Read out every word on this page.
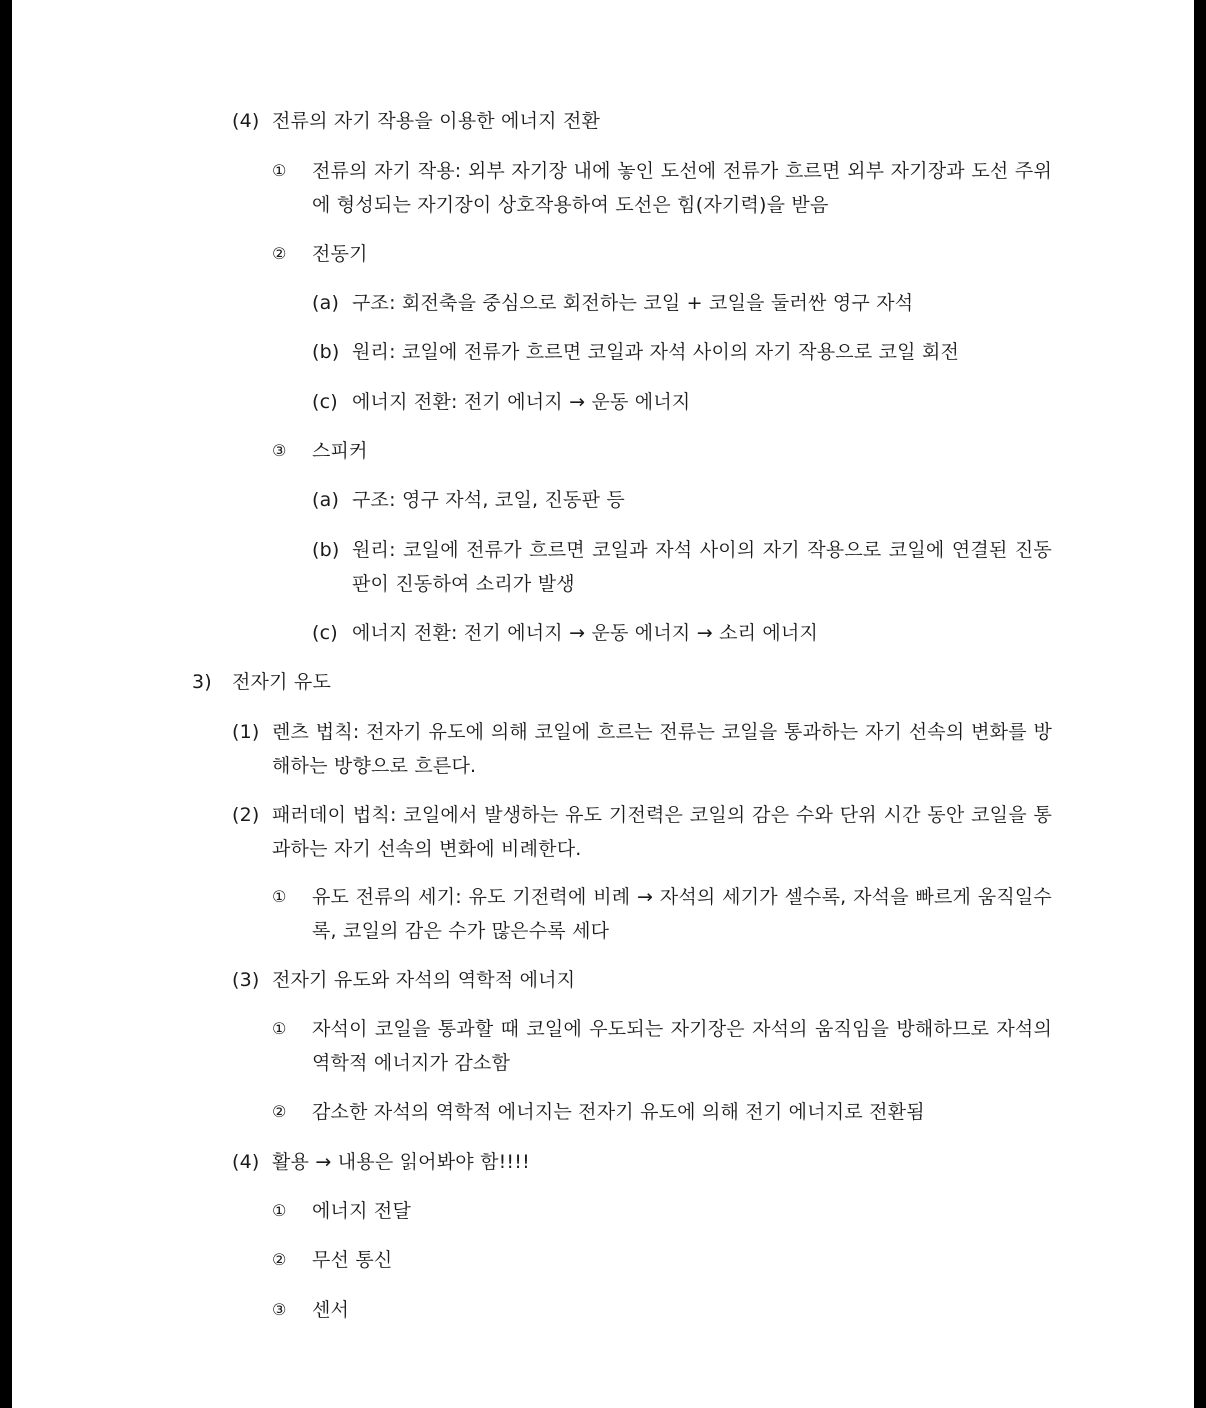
(4) 전류의 자기 작용을 이용한 에너지 전환
①	전류의 자기 작용: 외부 자기장 내에 놓인 도선에 전류가 흐르면 외부 자기장과 도선 주위에 형성되는 자기장이 상호작용하여 도선은 힘(자기력)을 받음
②	전동기
(a) 구조: 회전축을 중심으로 회전하는 코일 + 코일을 둘러싼 영구 자석
(b) 원리: 코일에 전류가 흐르면 코일과 자석 사이의 자기 작용으로 코일 회전
(c) 에너지 전환: 전기 에너지 → 운동 에너지
③	스피커
(a) 구조: 영구 자석, 코일, 진동판 등
(b) 원리: 코일에 전류가 흐르면 코일과 자석 사이의 자기 작용으로 코일에 연결된 진동판이 진동하여 소리가 발생
(c) 에너지 전환: 전기 에너지 → 운동 에너지 → 소리 에너지
3)	전자기 유도
(1) 렌츠 법칙: 전자기 유도에 의해 코일에 흐르는 전류는 코일을 통과하는 자기 선속의 변화를 방해하는 방향으로 흐른다.
(2) 패러데이 법칙: 코일에서 발생하는 유도 기전력은 코일의 감은 수와 단위 시간 동안 코일을 통과하는 자기 선속의 변화에 비례한다.
①	유도 전류의 세기: 유도 기전력에 비례 → 자석의 세기가 셀수록, 자석을 빠르게 움직일수록, 코일의 감은 수가 많은수록 세다
(3) 전자기 유도와 자석의 역학적 에너지
①	자석이 코일을 통과할 때 코일에 우도되는 자기장은 자석의 움직임을 방해하므로 자석의 역학적 에너지가 감소함
②	감소한 자석의 역학적 에너지는 전자기 유도에 의해 전기 에너지로 전환됨
(4) 활용 → 내용은 읽어봐야 함!!!!
①	에너지 전달
②	무선 통신
③	센서
